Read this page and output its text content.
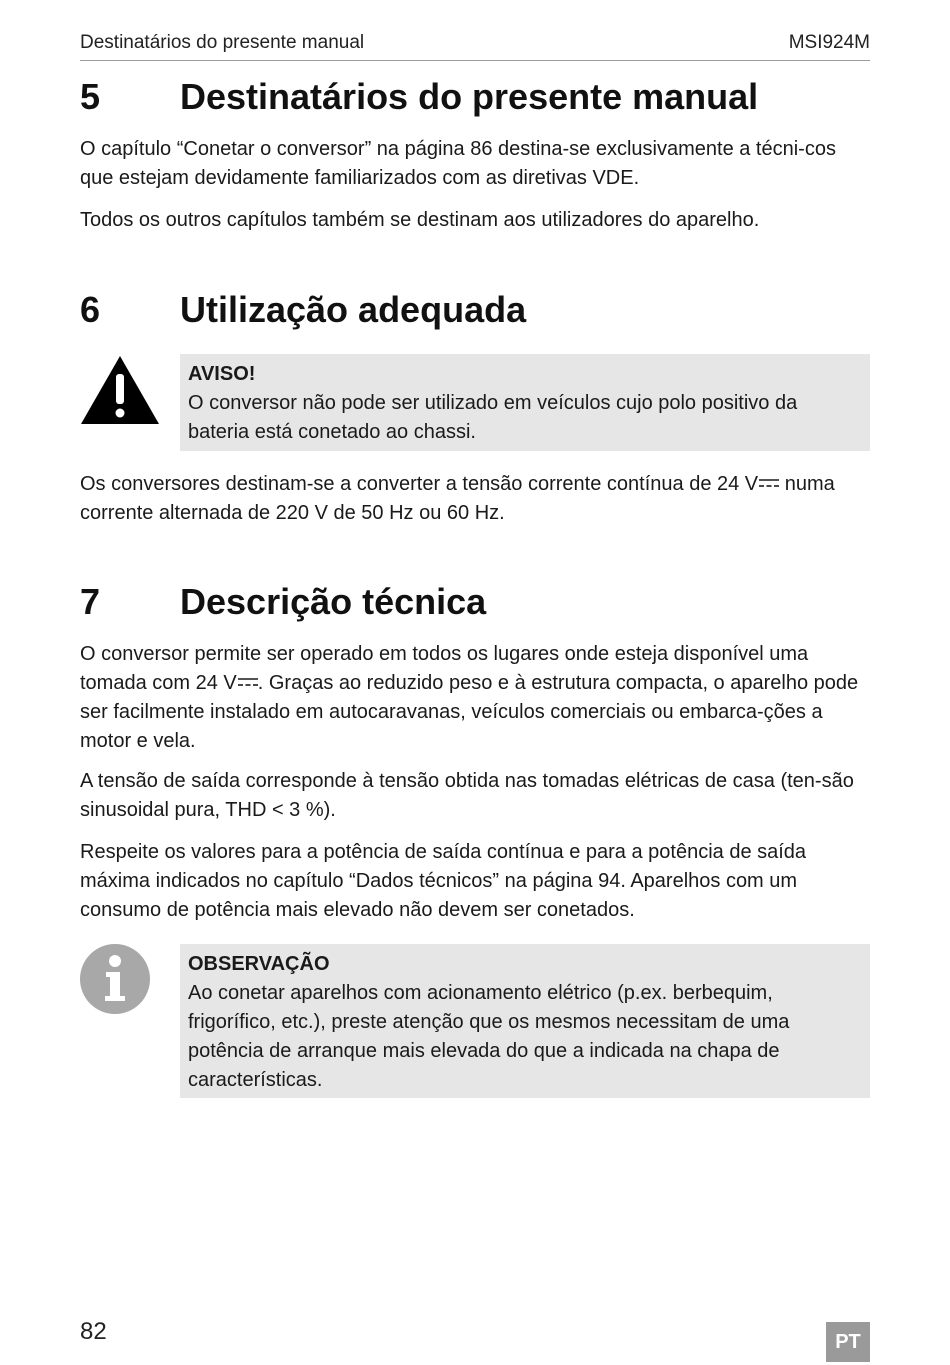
Destinatários do presente manual	MSI924M
5 Destinatários do presente manual

O capítulo “Conetar o conversor” na página 86 destina-se exclusivamente a técni-cos que estejam devidamente familiarizados com as diretivas VDE.

Todos os outros capítulos também se destinam aos utilizadores do aparelho.

6 Utilização adequada
AVISO!
O conversor não pode ser utilizado em veículos cujo polo positivo da bateria está conetado ao chassi.

Os conversores destinam-se a converter a tensão corrente contínua de 24 V numa corrente alternada de 220 V de 50 Hz ou 60 Hz.

7 Descrição técnica

O conversor permite ser operado em todos os lugares onde esteja disponível uma tomada com 24 V . Graças ao reduzido peso e à estrutura compacta, o aparelho pode ser facilmente instalado em autocaravanas, veículos comerciais ou embarca-ções a motor e vela.

A tensão de saída corresponde à tensão obtida nas tomadas elétricas de casa (ten-são sinusoidal pura, THD < 3 %).

Respeite os valores para a potência de saída contínua e para a potência de saída máxima indicados no capítulo “Dados técnicos” na página 94. Aparelhos com um consumo de potência mais elevado não devem ser conetados.

OBSERVAÇÃO
Ao conetar aparelhos com acionamento elétrico (p.ex. berbequim, frigorífico, etc.), preste atenção que os mesmos necessitam de uma potência de arranque mais elevada do que a indicada na chapa de características.
82	PT
